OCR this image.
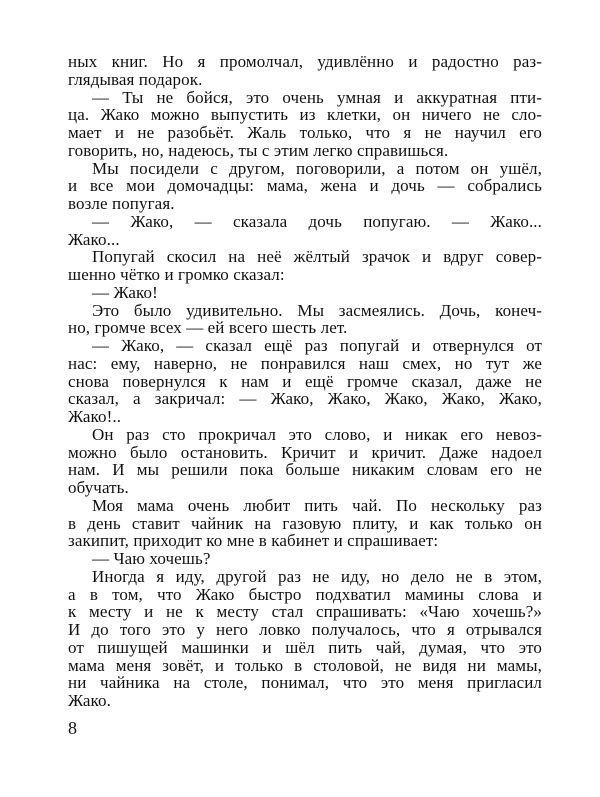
ных книг. Но я промолчал, удивлённо и радостно раз-
глядывая подарок.
— Ты не бойся, это очень умная и аккуратная пти-
ца. Жако можно выпустить из клетки, он ничего не сло-
мает и не разобьёт. Жаль только, что я не научил его
говорить, но, надеюсь, ты с этим легко справишься.
Мы посидели с другом, поговорили, а потом он ушёл,
и все мои домочадцы: мама, жена и дочь — собрались
возле попугая.
— Жако, — сказала дочь попугаю. — Жако...
Жако...
Попугай скосил на неё жёлтый зрачок и вдруг совер-
шенно чётко и громко сказал:
— Жако!
Это было удивительно. Мы засмеялись. Дочь, конеч-
но, громче всех — ей всего шесть лет.
— Жако, — сказал ещё раз попугай и отвернулся от
нас: ему, наверно, не понравился наш смех, но тут же
снова повернулся к нам и ещё громче сказал, даже не
сказал, а закричал: — Жако, Жако, Жако, Жако, Жако,
Жако!..
Он раз сто прокричал это слово, и никак его невоз-
можно было остановить. Кричит и кричит. Даже надоел
нам. И мы решили пока больше никаким словам его не
обучать.
Моя мама очень любит пить чай. По нескольку раз
в день ставит чайник на газовую плиту, и как только он
закипит, приходит ко мне в кабинет и спрашивает:
— Чаю хочешь?
Иногда я иду, другой раз не иду, но дело не в этом,
а в том, что Жако быстро подхватил мамины слова и
к месту и не к месту стал спрашивать: «Чаю хочешь?»
И до того это у него ловко получалось, что я отрывался
от пишущей машинки и шёл пить чай, думая, что это
мама меня зовёт, и только в столовой, не видя ни мамы,
ни чайника на столе, понимал, что это меня пригласил
Жако.
8
